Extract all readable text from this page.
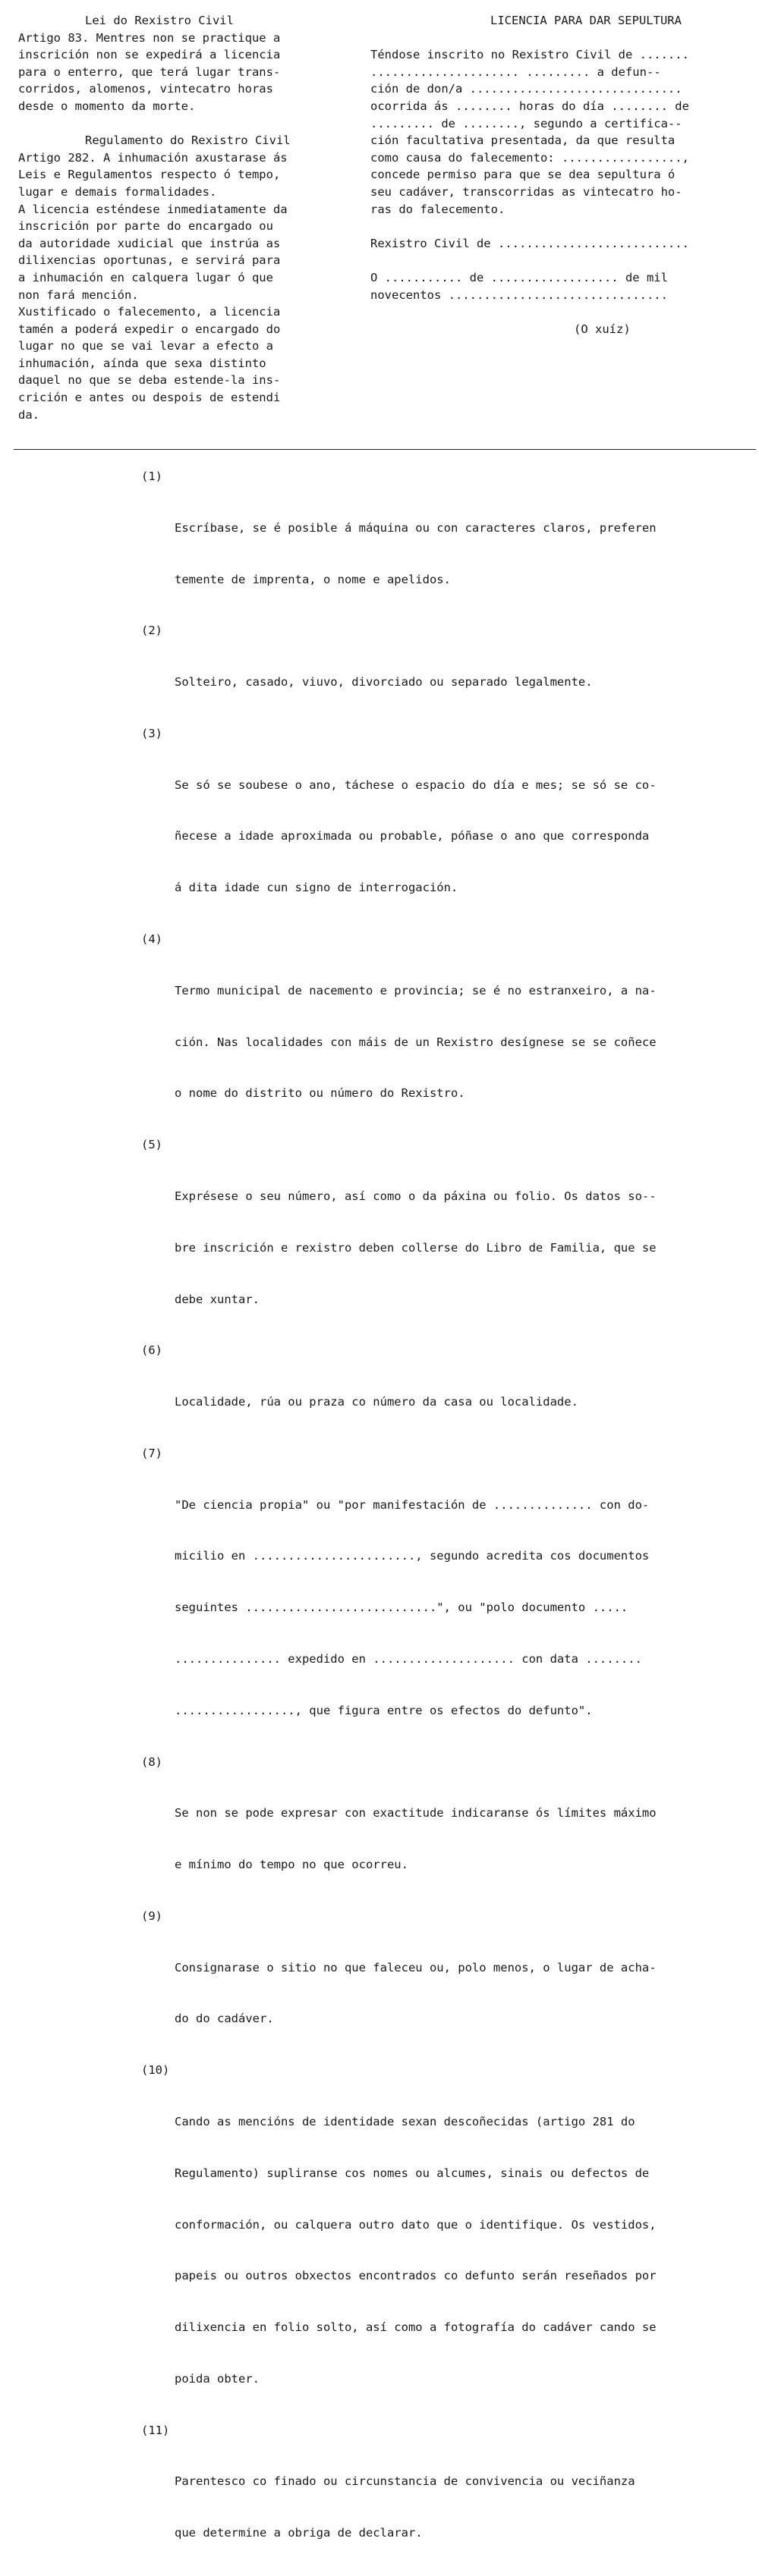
Lei do Rexistro Civil
Artigo 83. Mentres non se practique a
inscrición non se expedirá a licencia
para o enterro, que terá lugar trans-
corridos, alomenos, vintecatro horas
desde o momento da morte.
Regulamento do Rexistro Civil
Artigo 282. A inhumación axustarase ás
Leis e Regulamentos respecto ó tempo,
lugar e demais formalidades.
A licencia esténdese inmediatamente da
inscrición por parte do encargado ou
da autoridade xudicial que instrúa as
dilixencias oportunas, e servirá para
a inhumación en calquera lugar ó que
non fará mención.
Xustificado o falecemento, a licencia
tamén a poderá expedir o encargado do
lugar no que se vai levar a efecto a
inhumación, aínda que sexa distinto
daquel no que se deba estende-la ins-
crición e antes ou despois de estendi
da.
LICENCIA PARA DAR SEPULTURA
Téndose inscrito no Rexistro Civil de .......
..................... ......... a defun--
ción de don/a ..............................
ocorrida ás ........ horas do día ........ de
......... de ........, segundo a certifica--
ción facultativa presentada, da que resulta
como causa do falecemento: .................,
concede permiso para que se dea sepultura ó
seu cadáver, transcorridas as vintecatro ho-
ras do falecemento.
Rexistro Civil de ...........................
O ........... de .................. de mil
novecentos ...............................
(O xuíz)

(1)

Escríbase, se é posible á máquina ou con caracteres claros, preferen

temente de imprenta, o nome e apelidos.

(2)

Solteiro, casado, viuvo, divorciado ou separado legalmente.

(3)

Se só se soubese o ano, táchese o espacio do día e mes; se só se co-

ñecese a idade aproximada ou probable, póñase o ano que corresponda

á dita idade cun signo de interrogación.

(4)

Termo municipal de nacemento e provincia; se é no estranxeiro, a na-

ción. Nas localidades con máis de un Rexistro desígnese se se coñece

o nome do distrito ou número do Rexistro.

(5)

Exprésese o seu número, así como o da páxina ou folio. Os datos so--

bre inscrición e rexistro deben collerse do Libro de Familia, que se

debe xuntar.

(6)

Localidade, rúa ou praza co número da casa ou localidade.

(7)

"De ciencia propia" ou "por manifestación de .............. con do-

micilio en ......................., segundo acredita cos documentos

seguintes ...........................", ou "polo documento .....

............... expedido en .................... con data ........

................., que figura entre os efectos do defunto".

(8)

Se non se pode expresar con exactitude indicaranse ós límites máximo

e mínimo do tempo no que ocorreu.

(9)

Consignarase o sitio no que faleceu ou, polo menos, o lugar de acha-

do do cadáver.

(10)

Cando as mencións de identidade sexan descoñecidas (artigo 281 do

Regulamento) supliranse cos nomes ou alcumes, sinais ou defectos de

conformación, ou calquera outro dato que o identifique. Os vestidos,

papeis ou outros obxectos encontrados co defunto serán reseñados por

dilixencia en folio solto, así como a fotografía do cadáver cando se

poida obter.

(11)

Parentesco co finado ou circunstancia de convivencia ou veciñanza

que determine a obriga de declarar.
